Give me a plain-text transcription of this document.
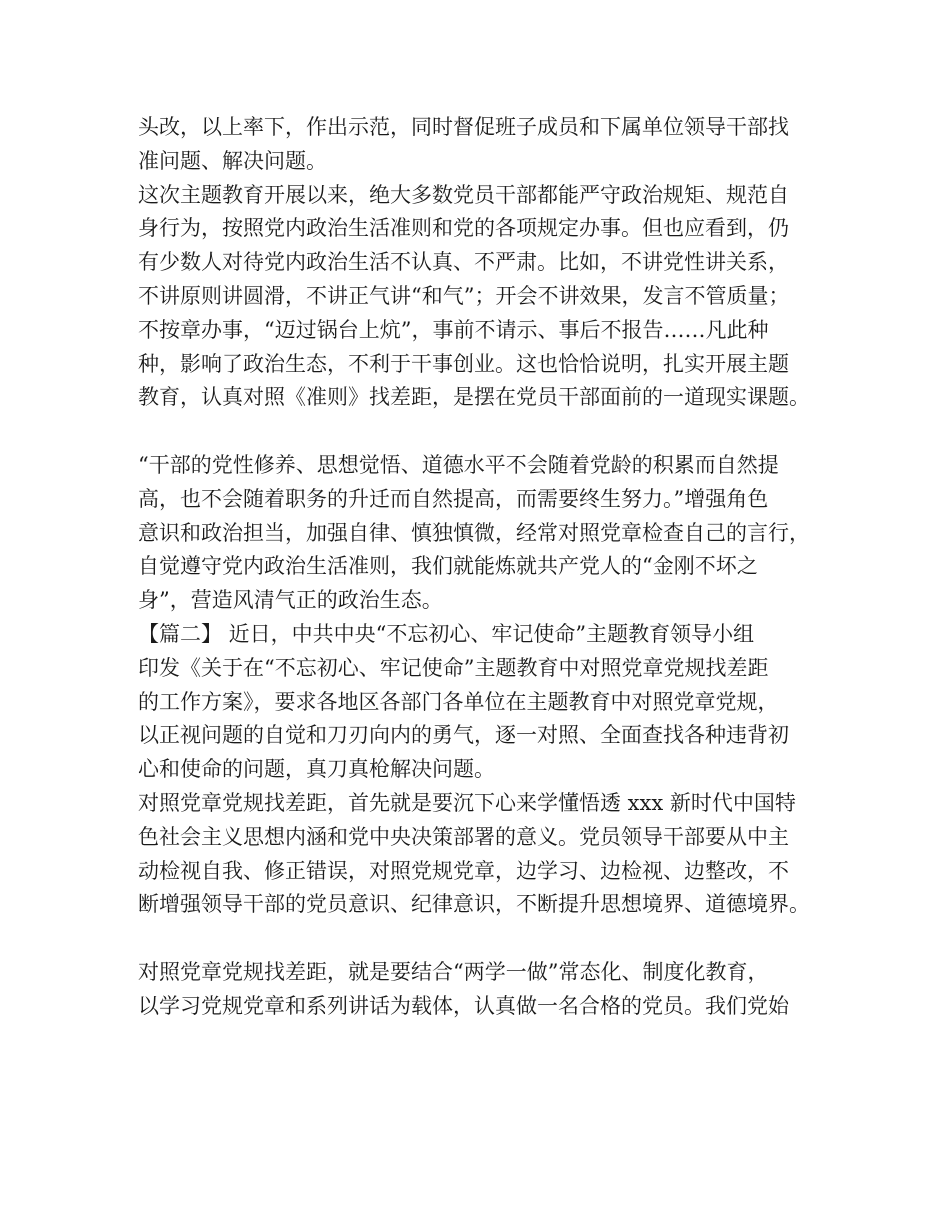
头改，以上率下，作出示范，同时督促班子成员和下属单位领导干部找
准问题、解决问题。
这次主题教育开展以来，绝大多数党员干部都能严守政治规矩、规范自
身行为，按照党内政治生活准则和党的各项规定办事。但也应看到，仍
有少数人对待党内政治生活不认真、不严肃。比如，不讲党性讲关系，
不讲原则讲圆滑，不讲正气讲“和气”；开会不讲效果，发言不管质量；
不按章办事，“迈过锅台上炕”，事前不请示、事后不报告……凡此种
种，影响了政治生态，不利于干事创业。这也恰恰说明，扎实开展主题
教育，认真对照《准则》找差距，是摆在党员干部面前的一道现实课题。
“干部的党性修养、思想觉悟、道德水平不会随着党龄的积累而自然提
高，也不会随着职务的升迁而自然提高，而需要终生努力。”增强角色
意识和政治担当，加强自律、慎独慎微，经常对照党章检查自己的言行，
自觉遵守党内政治生活准则，我们就能炼就共产党人的“金刚不坏之
身”，营造风清气正的政治生态。
【篇二】 近日，中共中央“不忘初心、牢记使命”主题教育领导小组
印发《关于在“不忘初心、牢记使命”主题教育中对照党章党规找差距
的工作方案》，要求各地区各部门各单位在主题教育中对照党章党规，
以正视问题的自觉和刀刃向内的勇气，逐一对照、全面查找各种违背初
心和使命的问题，真刀真枪解决问题。
对照党章党规找差距，首先就是要沉下心来学懂悟透 xxx 新时代中国特
色社会主义思想内涵和党中央决策部署的意义。党员领导干部要从中主
动检视自我、修正错误，对照党规党章，边学习、边检视、边整改，不
断增强领导干部的党员意识、纪律意识，不断提升思想境界、道德境界。
对照党章党规找差距，就是要结合“两学一做”常态化、制度化教育，
以学习党规党章和系列讲话为载体，认真做一名合格的党员。我们党始
